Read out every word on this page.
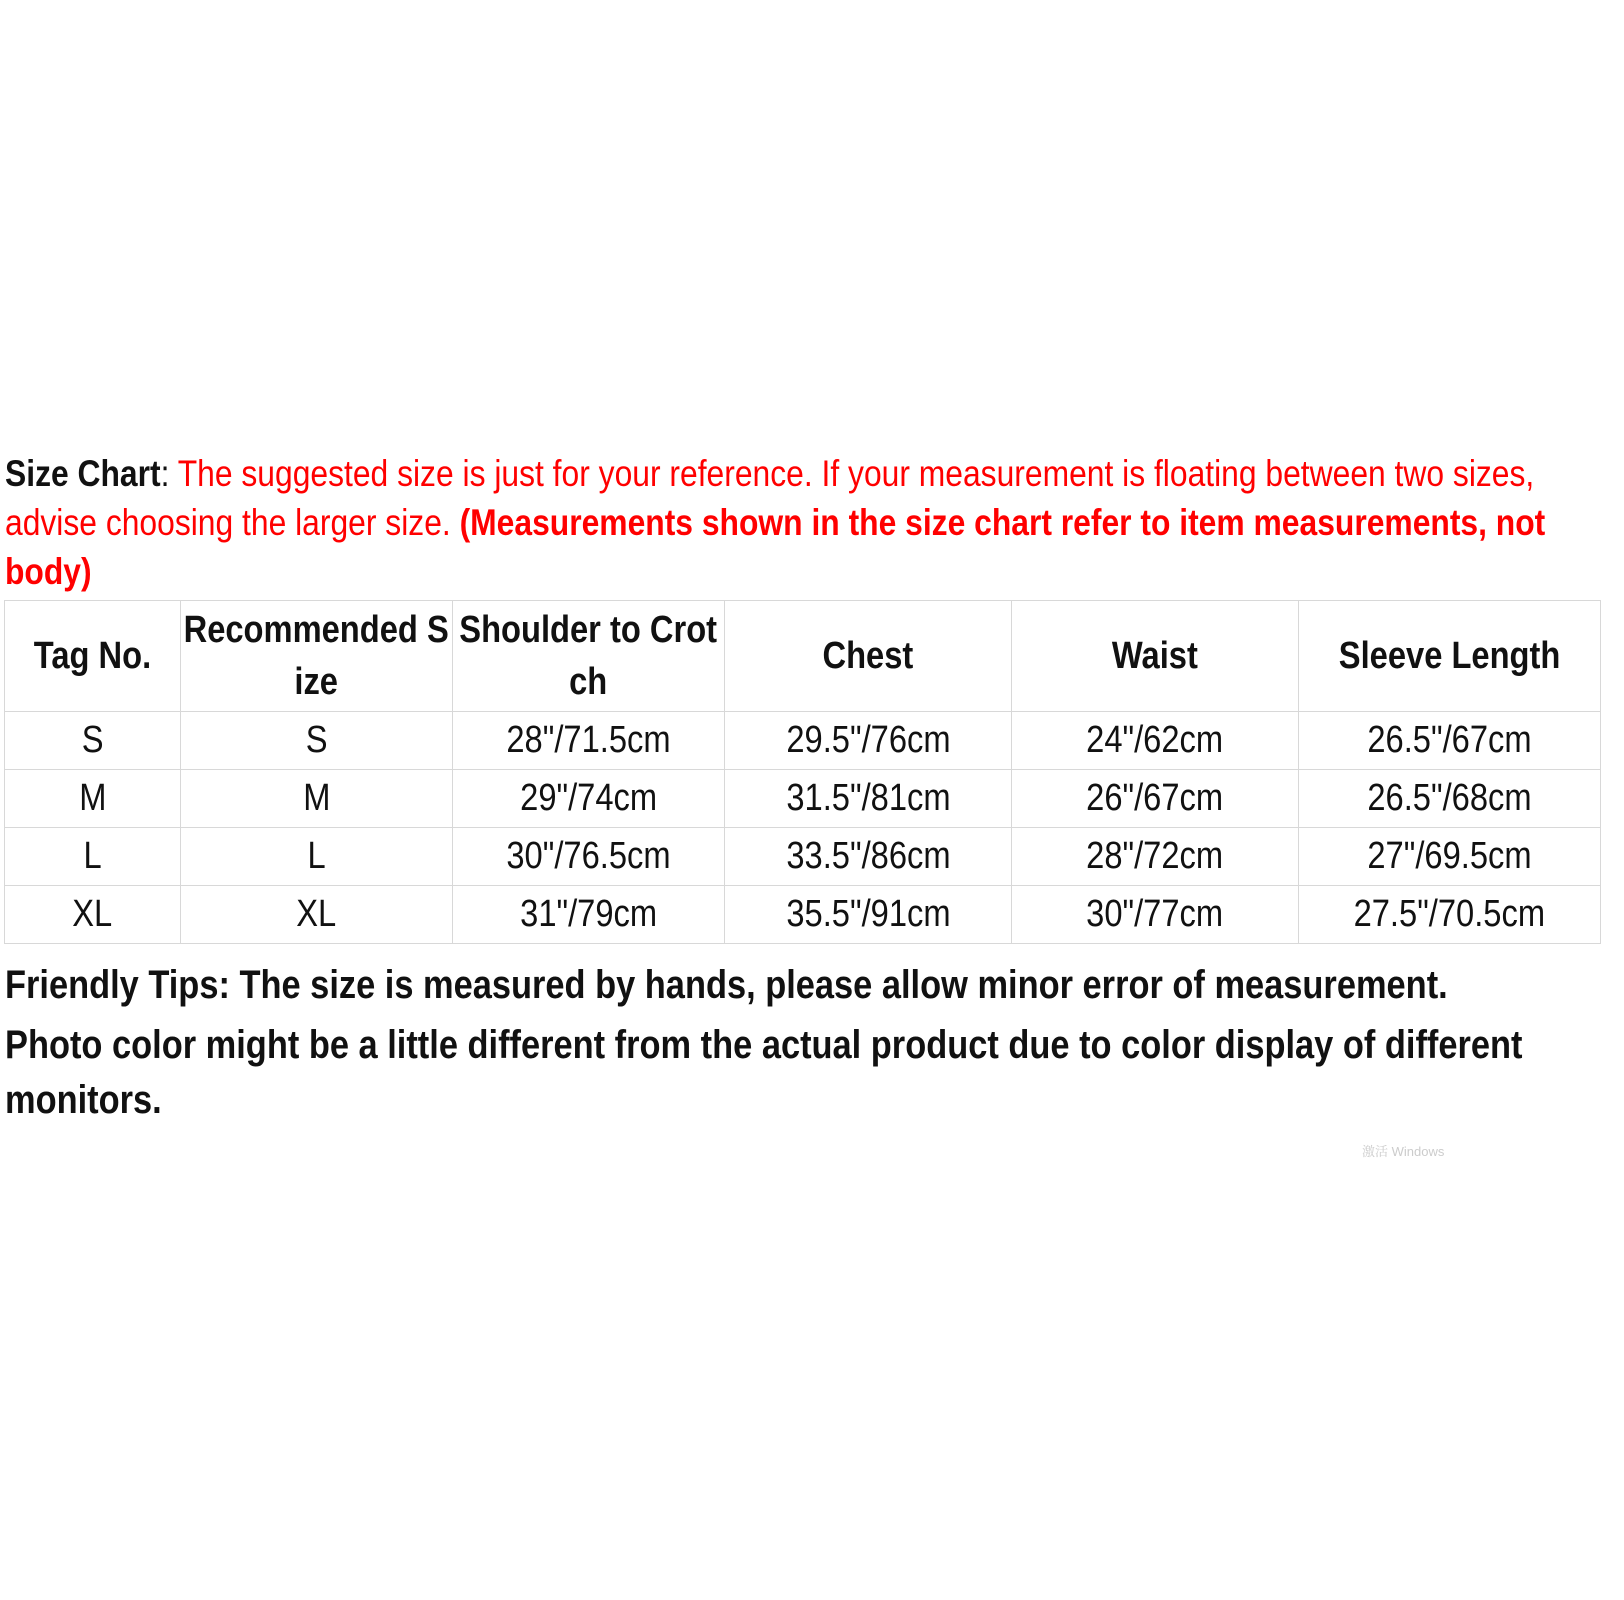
Size Chart: The suggested size is just for your reference. If your measurement is floating between two sizes, advise choosing the larger size. (Measurements shown in the size chart refer to item measurements, not body)
Tag No.	Recommended Size	Shoulder to Crotch	Chest	Waist	Sleeve Length
S	S	28"/71.5cm	29.5"/76cm	24"/62cm	26.5"/67cm
M	M	29"/74cm	31.5"/81cm	26"/67cm	26.5"/68cm
L	L	30"/76.5cm	33.5"/86cm	28"/72cm	27"/69.5cm
XL	XL	31"/79cm	35.5"/91cm	30"/77cm	27.5"/70.5cm

Friendly Tips: The size is measured by hands, please allow minor error of measurement.

Photo color might be a little different from the actual product due to color display of different monitors.

激活 Windows
